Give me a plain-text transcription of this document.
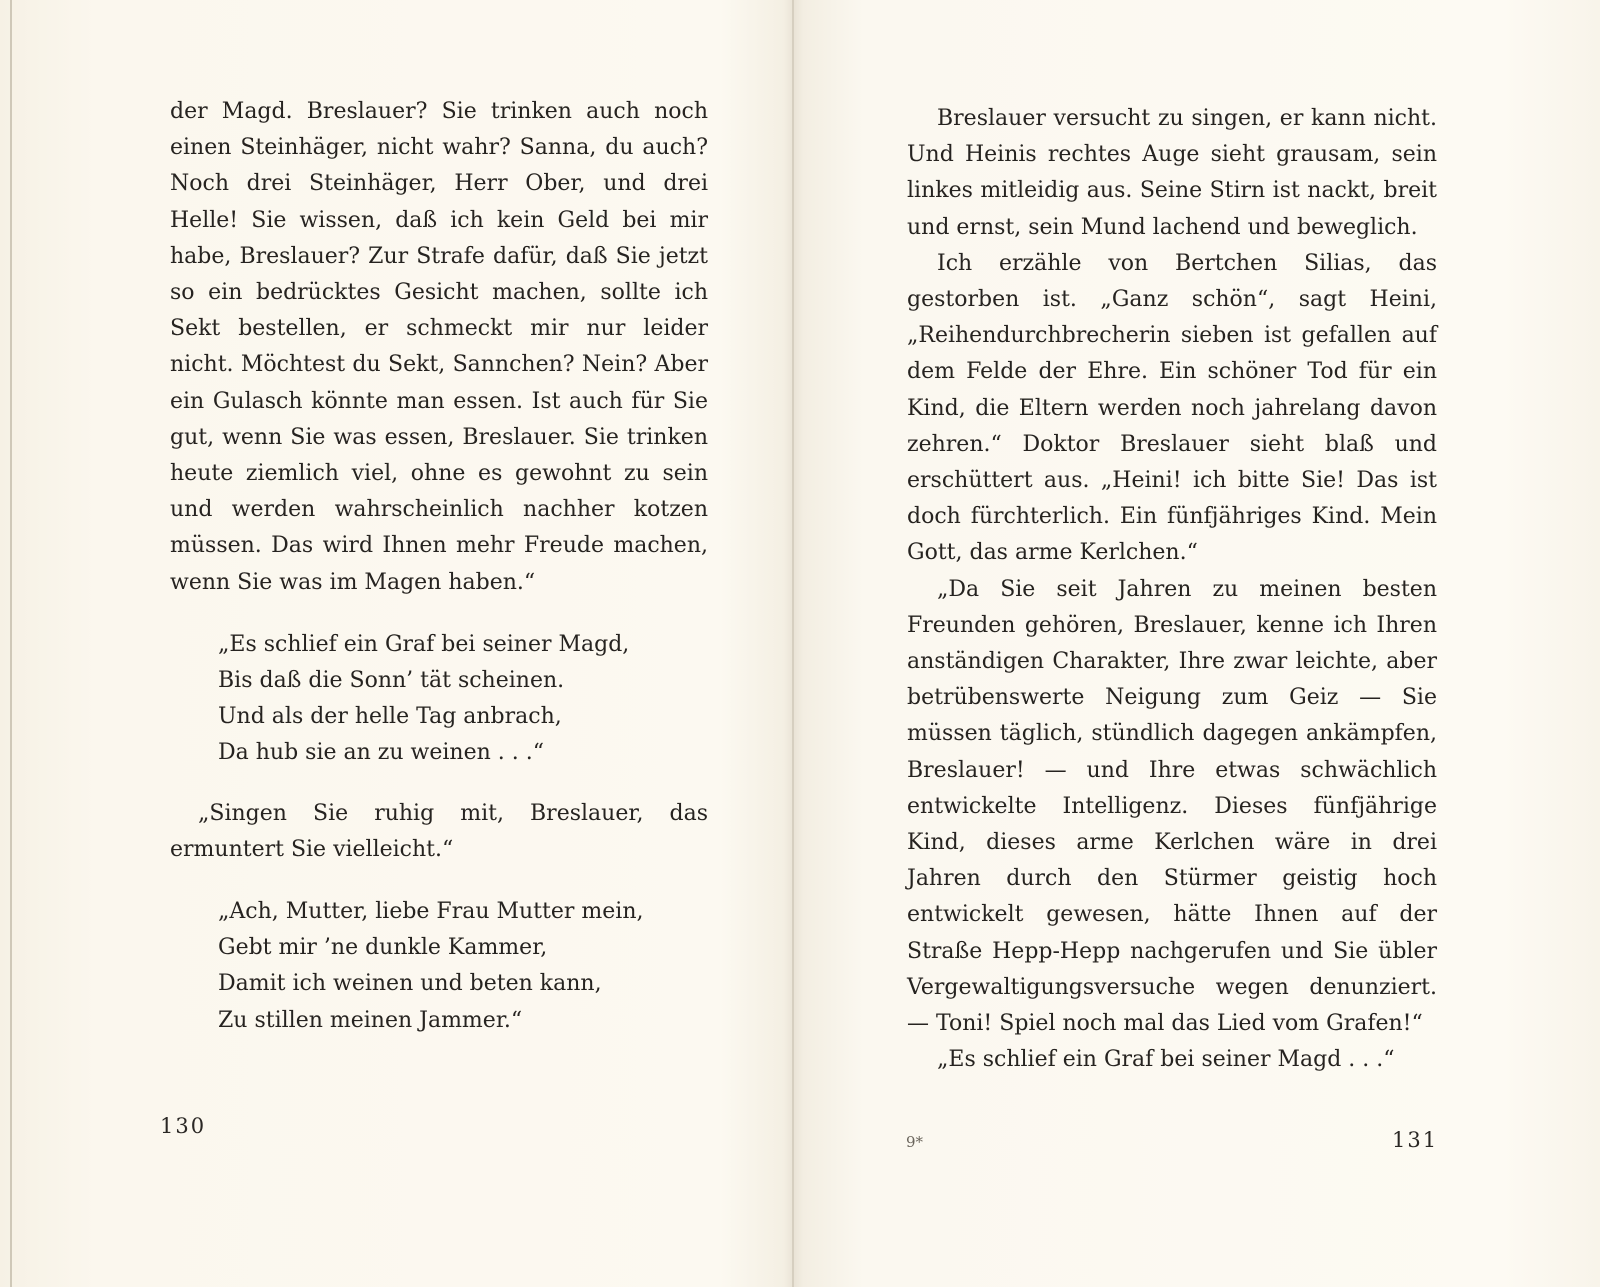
der Magd. Breslauer? Sie trinken auch noch einen Steinhäger, nicht wahr? Sanna, du auch? Noch drei Steinhäger, Herr Ober, und drei Helle! Sie wissen, daß ich kein Geld bei mir habe, Breslauer? Zur Strafe dafür, daß Sie jetzt so ein bedrücktes Gesicht machen, sollte ich Sekt bestellen, er schmeckt mir nur leider nicht. Möchtest du Sekt, Sannchen? Nein? Aber ein Gulasch könnte man essen. Ist auch für Sie gut, wenn Sie was essen, Breslauer. Sie trinken heute ziemlich viel, ohne es gewohnt zu sein und werden wahrscheinlich nachher kotzen müssen. Das wird Ihnen mehr Freude machen, wenn Sie was im Magen haben.“

„Es schlief ein Graf bei seiner Magd,
Bis daß die Sonn’ tät scheinen.
Und als der helle Tag anbrach,
Da hub sie an zu weinen . . .“

„Singen Sie ruhig mit, Breslauer, das ermuntert Sie vielleicht.“

„Ach, Mutter, liebe Frau Mutter mein,
Gebt mir ’ne dunkle Kammer,
Damit ich weinen und beten kann,
Zu stillen meinen Jammer.“
130

Breslauer versucht zu singen, er kann nicht. Und Heinis rechtes Auge sieht grausam, sein linkes mitleidig aus. Seine Stirn ist nackt, breit und ernst, sein Mund lachend und beweglich.

Ich erzähle von Bertchen Silias, das gestorben ist. „Ganz schön“, sagt Heini, „Reihendurchbrecherin sieben ist gefallen auf dem Felde der Ehre. Ein schöner Tod für ein Kind, die Eltern werden noch jahrelang davon zehren.“ Doktor Breslauer sieht blaß und erschüttert aus. „Heini! ich bitte Sie! Das ist doch fürchterlich. Ein fünfjähriges Kind. Mein Gott, das arme Kerlchen.“

„Da Sie seit Jahren zu meinen besten Freunden gehören, Breslauer, kenne ich Ihren anständigen Charakter, Ihre zwar leichte, aber betrübenswerte Neigung zum Geiz — Sie müssen täglich, stündlich dagegen ankämpfen, Breslauer! — und Ihre etwas schwächlich entwickelte Intelligenz. Dieses fünfjährige Kind, dieses arme Kerlchen wäre in drei Jahren durch den Stürmer geistig hoch entwickelt gewesen, hätte Ihnen auf der Straße Hepp-Hepp nachgerufen und Sie übler Vergewaltigungsversuche wegen denunziert. — Toni! Spiel noch mal das Lied vom Grafen!“

„Es schlief ein Graf bei seiner Magd . . .“

9*	131
